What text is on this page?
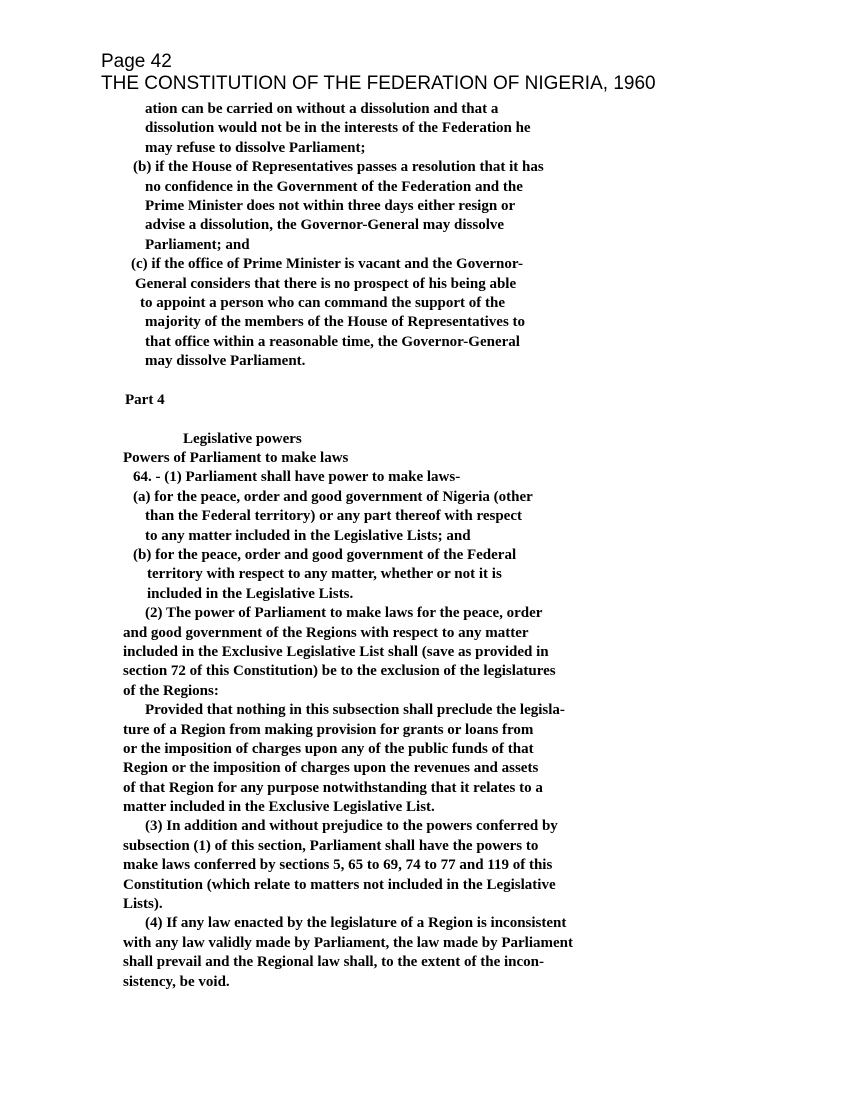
Page 42
THE CONSTITUTION OF THE FEDERATION OF NIGERIA, 1960
ation can be carried on without a dissolution and that a
dissolution would not be in the interests of the Federation he
may refuse to dissolve Parliament;
(b) if the House of Representatives passes a resolution that it has
no confidence in the Government of the Federation and the
Prime Minister does not within three days either resign or
advise a dissolution, the Governor-General may dissolve
Parliament; and
(c) if the office of Prime Minister is vacant and the Governor-
General considers that there is no prospect of his being able
to appoint a person who can command the support of the
majority of the members of the House of Representatives to
that office within a reasonable time, the Governor-General
may dissolve Parliament.
Part 4
Legislative powers
Powers of Parliament to make laws
64. - (1) Parliament shall have power to make laws-
(a) for the peace, order and good government of Nigeria (other
than the Federal territory) or any part thereof with respect
to any matter included in the Legislative Lists; and
(b) for the peace, order and good government of the Federal
territory with respect to any matter, whether or not it is
included in the Legislative Lists.
(2) The power of Parliament to make laws for the peace, order
and good government of the Regions with respect to any matter
included in the Exclusive Legislative List shall (save as provided in
section 72 of this Constitution) be to the exclusion of the legislatures
of the Regions:
Provided that nothing in this subsection shall preclude the legisla-
ture of a Region from making provision for grants or loans from
or the imposition of charges upon any of the public funds of that
Region or the imposition of charges upon the revenues and assets
of that Region for any purpose notwithstanding that it relates to a
matter included in the Exclusive Legislative List.
(3) In addition and without prejudice to the powers conferred by
subsection (1) of this section, Parliament shall have the powers to
make laws conferred by sections 5, 65 to 69, 74 to 77 and 119 of this
Constitution (which relate to matters not included in the Legislative
Lists).
(4) If any law enacted by the legislature of a Region is inconsistent
with any law validly made by Parliament, the law made by Parliament
shall prevail and the Regional law shall, to the extent of the incon-
sistency, be void.
